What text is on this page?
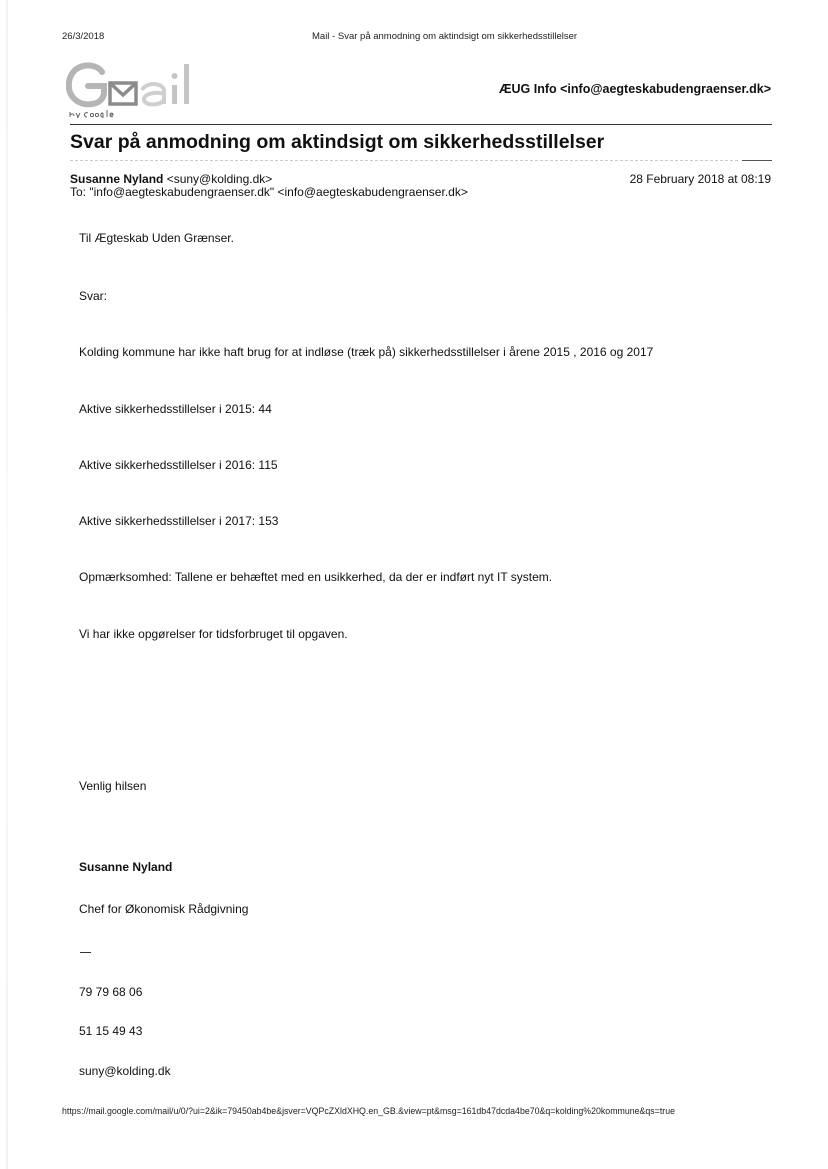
26/3/2018	Mail - Svar på anmodning om aktindsigt om sikkerhedsstillelser
ÆUG Info <info@aegteskabudengraenser.dk>
Svar på anmodning om aktindsigt om sikkerhedsstillelser
Susanne Nyland <suny@kolding.dk>	28 February 2018 at 08:19
To: "info@aegteskabudengraenser.dk" <info@aegteskabudengraenser.dk>
Til Ægteskab Uden Grænser.
Svar:
Kolding kommune har ikke haft brug for at indløse (træk på) sikkerhedsstillelser i årene 2015 , 2016 og 2017
Aktive sikkerhedsstillelser i 2015: 44
Aktive sikkerhedsstillelser i 2016: 115
Aktive sikkerhedsstillelser i 2017: 153
Opmærksomhed: Tallene er behæftet med en usikkerhed, da der er indført nyt IT system.
Vi har ikke opgørelser for tidsforbruget til opgaven.
Venlig hilsen
Susanne Nyland
Chef for Økonomisk Rådgivning
79 79 68 06
51 15 49 43
suny@kolding.dk
https://mail.google.com/mail/u/0/?ui=2&ik=79450ab4be&jsver=VQPcZXldXHQ.en_GB.&view=pt&msg=161db47dcda4be70&q=kolding%20kommune&qs=true
